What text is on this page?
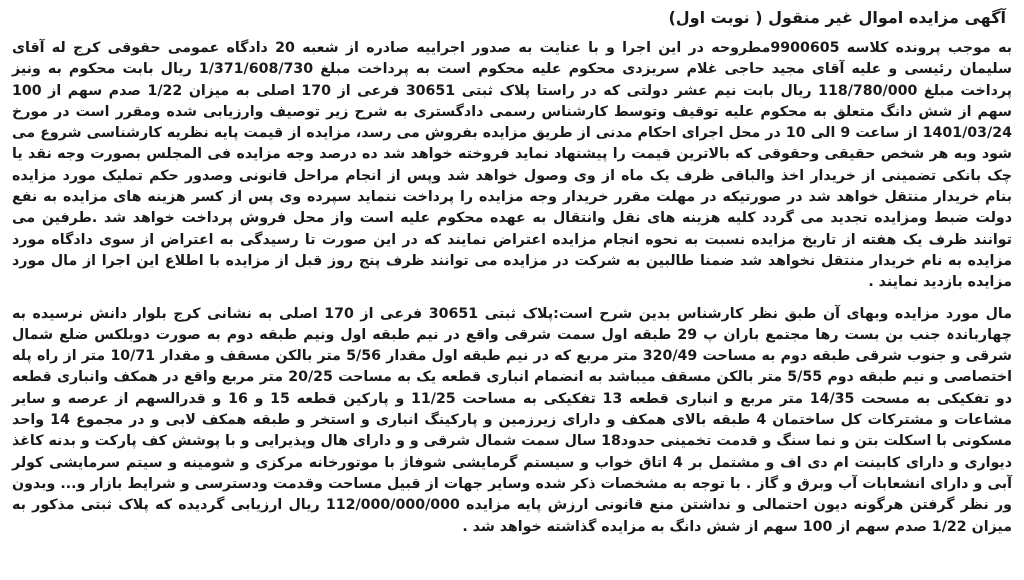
آگهی مزایده اموال غیر منقول ( نوبت اول)

به موجب پرونده کلاسه 9900605مطروحه در این اجرا و با عنایت به صدور اجراییه صادره از شعبه 20 دادگاه عمومی حقوقی کرج له آقای سلیمان رئیسی و علیه آقای مجید حاجی غلام سریزدی محکوم علیه محکوم است به پرداخت مبلغ 1/371/608/730 ریال بابت محکوم به ونیز پرداخت مبلغ 118/780/000 ریال بابت نیم عشر دولتی که در راستا پلاک ثبتی 30651 فرعی از 170 اصلی به میزان 1/22 صدم سهم از 100 سهم از شش دانگ متعلق به محکوم علیه توقیف وتوسط کارشناس رسمی دادگستری به شرح زیر توصیف وارزیابی شده ومقرر است در مورخ 1401/03/24 از ساعت 9 الی 10 در محل اجرای احکام مدنی از طریق مزایده بفروش می رسد، مزایده از قیمت پایه نظریه کارشناسی شروع می شود وبه هر شخص حقیقی وحقوقی که بالاترین قیمت را پیشنهاد نماید فروخته خواهد شد ده درصد وجه مزایده فی المجلس بصورت وجه نقد یا چک بانکی تضمینی از خریدار اخذ والباقی ظرف یک ماه از وی وصول خواهد شد وپس از انجام مراحل قانونی وصدور حکم تملیک مورد مزایده بنام خریدار منتقل خواهد شد در صورتیکه در مهلت مقرر خریدار وجه مزایده را پرداخت ننماید سپرده وی پس از کسر هزینه های مزایده به نفع دولت ضبط ومزایده تجدید می گردد کلیه هزینه های نقل وانتقال به عهده محکوم علیه است واز محل فروش پرداخت خواهد شد .طرفین می توانند ظرف یک هفته از تاریخ مزایده نسبت به نحوه انجام مزایده اعتراض نمایند که در این صورت تا رسیدگی به اعتراض از سوی دادگاه مورد مزایده به نام خریدار منتقل نخواهد شد ضمنا طالبین به شرکت در مزایده می توانند ظرف پنج روز قبل از مزایده با اطلاع این اجرا از مال مورد مزایده بازدید نمایند .

مال مورد مزایده وبهای آن طبق نظر کارشناس بدین شرح است:پلاک ثبتی 30651 فرعی از 170 اصلی به نشانی کرج بلوار دانش نرسیده به چهارباندہ جنب بن بست رها مجتمع باران پ 29 طبقه اول سمت شرقی واقع در نیم طبقه اول ونیم طبقه دوم به صورت دوبلکس ضلع شمال شرقی و جنوب شرقی طبقه دوم به مساحت 320/49 متر مربع که در نیم طبقه اول مقدار 5/56 متر بالکن مسقف و مقدار 10/71 متر از راه پله اختصاصی و نیم طبقه دوم 5/55 متر بالکن مسقف میباشد به انضمام انباری قطعه یک به مساحت 20/25 متر مربع واقع در همکف وانباری قطعه دو تفکیکی به مسحت 14/35 متر مربع و انباری قطعه 13 تفکیکی به مساحت 11/25 و پارکین قطعه 15 و 16 و قدرالسهم از عرصه و سایر مشاعات و مشترکات کل ساختمان 4 طبقه بالای همکف و دارای زیرزمین و پارکینگ انباری و استخر و طبقه همکف لابی و در مجموع 14 واحد مسکونی با اسکلت بتن و نما سنگ و قدمت تخمینی حدود18 سال سمت شمال شرقی و و دارای هال وپذیرایی و با پوشش کف پارکت و بدنه کاغذ دیواری و دارای کابینت ام دی اف و مشتمل بر 4 اتاق خواب و سیستم گرمایشی شوفاژ با موتورخانه مرکزی و شومینه و سیتم سرمایشی کولر آبی و دارای انشعابات آب وبرق و گاز . با توجه به مشخصات ذکر شده وسایر جهات از قبیل مساحت وقدمت ودسترسی و شرایط بازار و... وبدون ور نظر گرفتن هرگونه دیون احتمالی و نداشتن منع قانونی ارزش پایه مزایده 112/000/000/000 ریال ارزیابی گردیده که پلاک ثبتی مذکور به میزان 1/22 صدم سهم از 100 سهم از شش دانگ به مزایده گذاشته خواهد شد .
